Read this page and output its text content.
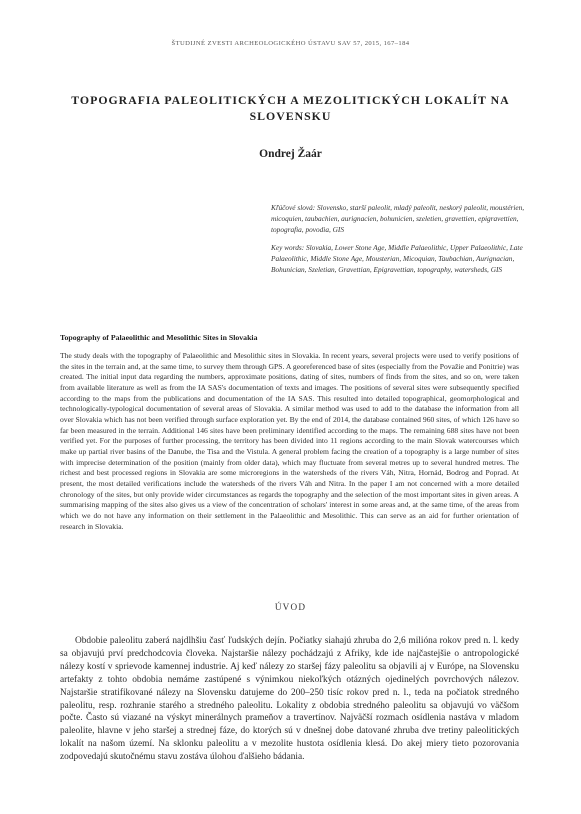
ŠTUDIJNÉ ZVESTI ARCHEOLOGICKÉHO ÚSTAVU SAV 57, 2015, 167–184
TOPOGRAFIA PALEOLITICKÝCH A MEZOLITICKÝCH LOKALÍT NA SLOVENSKU
Ondrej Žaár

Kľúčové slová: Slovensko, starší paleolit, mladý paleolit, neskorý paleolit, moustérien, micoquien, taubachien, aurignacien, bohunicien, szeletien, gravettien, epigravettien, topografia, povodia, GIS

Key words: Slovakia, Lower Stone Age, Middle Palaeolithic, Upper Palaeolithic, Late Palaeolithic, Middle Stone Age, Mousterian, Micoquian, Taubachian, Aurignacian, Bohunician, Szeletian, Gravettian, Epigravettian, topography, watersheds, GIS

Topography of Palaeolithic and Mesolithic Sites in Slovakia

The study deals with the topography of Palaeolithic and Mesolithic sites in Slovakia. In recent years, several projects were used to verify positions of the sites in the terrain and, at the same time, to survey them through GPS. A georeferenced base of sites (especially from the Považie and Ponitrie) was created. The initial input data regarding the numbers, approximate positions, dating of sites, numbers of finds from the sites, and so on, were taken from available literature as well as from the IA SAS's documentation of texts and images. The positions of several sites were subsequently specified according to the maps from the publications and documentation of the IA SAS. This resulted into detailed topographical, geomorphological and technologically-typological documentation of several areas of Slovakia. A similar method was used to add to the database the information from all over Slovakia which has not been verified through surface exploration yet. By the end of 2014, the database contained 960 sites, of which 126 have so far been measured in the terrain. Additional 146 sites have been preliminary identified according to the maps. The remaining 688 sites have not been verified yet. For the purposes of further processing, the territory has been divided into 11 regions according to the main Slovak watercourses which make up partial river basins of the Danube, the Tisa and the Vistula. A general problem facing the creation of a topography is a large number of sites with imprecise determination of the position (mainly from older data), which may fluctuate from several metres up to several hundred metres. The richest and best processed regions in Slovakia are some microregions in the watersheds of the rivers Váh, Nitra, Hornád, Bodrog and Poprad. At present, the most detailed verifications include the watersheds of the rivers Váh and Nitra. In the paper I am not concerned with a more detailed chronology of the sites, but only provide wider circumstances as regards the topography and the selection of the most important sites in given areas. A summarising mapping of the sites also gives us a view of the concentration of scholars' interest in some areas and, at the same time, of the areas from which we do not have any information on their settlement in the Palaeolithic and Mesolithic. This can serve as an aid for further orientation of research in Slovakia.

ÚVOD

Obdobie paleolitu zaberá najdlhšiu časť ľudských dejín. Počiatky siahajú zhruba do 2,6 milióna rokov pred n. l. kedy sa objavujú prví predchodcovia človeka. Najstaršie nálezy pochádzajú z Afriky, kde ide najčastejšie o antropologické nálezy kostí v sprievode kamennej industrie. Aj keď nálezy zo staršej fázy paleolitu sa objavili aj v Európe, na Slovensku artefakty z tohto obdobia nemáme zastúpené s výnimkou niekoľkých otázných ojedinelých povrchových nálezov. Najstaršie stratifikované nálezy na Slovensku datujeme do 200–250 tisíc rokov pred n. l., teda na počiatok stredného paleolitu, resp. rozhranie starého a stredného paleolitu. Lokality z obdobia stredného paleolitu sa objavujú vo väčšom počte. Často sú viazané na výskyt minerálnych prameňov a travertínov. Najväčší rozmach osídlenia nastáva v mladom paleolite, hlavne v jeho staršej a strednej fáze, do ktorých sú v dnešnej dobe datované zhruba dve tretiny paleolitických lokalít na našom území. Na sklonku paleolitu a v mezolite hustota osídlenia klesá. Do akej miery tieto pozorovania zodpovedajú skutočnému stavu zostáva úlohou ďalšieho bádania.
